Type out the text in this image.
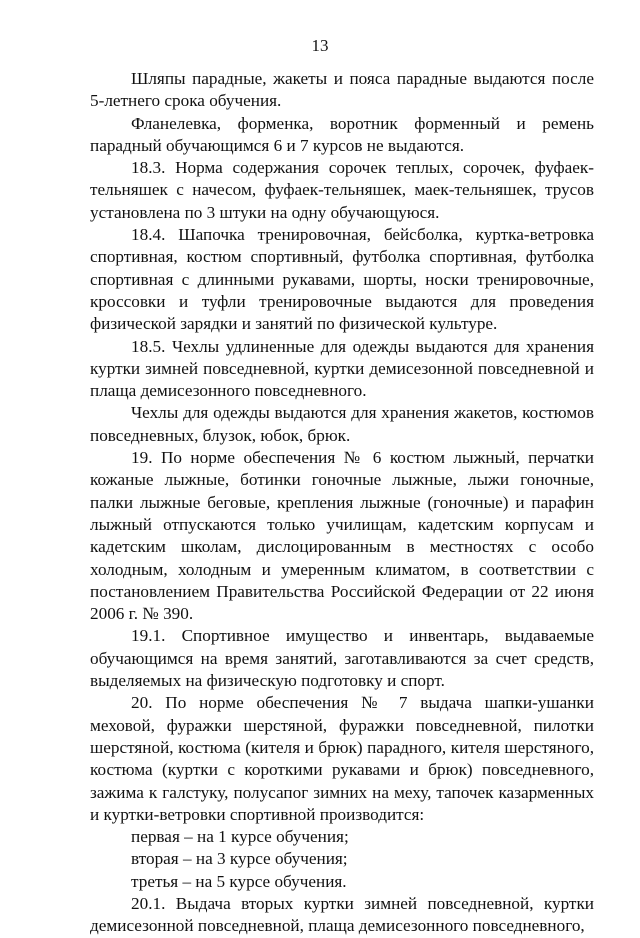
13

Шляпы парадные, жакеты и пояса парадные выдаются после 5-летнего срока обучения.

Фланелевка, форменка, воротник форменный и ремень парадный обучающимся 6 и 7 курсов не выдаются.

18.3. Норма содержания сорочек теплых, сорочек, фуфаек-тельняшек с начесом, фуфаек-тельняшек, маек-тельняшек, трусов установлена по 3 штуки на одну обучающуюся.

18.4. Шапочка тренировочная, бейсболка, куртка-ветровка спортивная, костюм спортивный, футболка спортивная, футболка спортивная с длинными рукавами, шорты, носки тренировочные, кроссовки и туфли тренировочные выдаются для проведения физической зарядки и занятий по физической культуре.

18.5. Чехлы удлиненные для одежды выдаются для хранения куртки зимней повседневной, куртки демисезонной повседневной и плаща демисезонного повседневного.

Чехлы для одежды выдаются для хранения жакетов, костюмов повседневных, блузок, юбок, брюк.

19. По норме обеспечения № 6 костюм лыжный, перчатки кожаные лыжные, ботинки гоночные лыжные, лыжи гоночные, палки лыжные беговые, крепления лыжные (гоночные) и парафин лыжный отпускаются только училищам, кадетским корпусам и кадетским школам, дислоцированным в местностях с особо холодным, холодным и умеренным климатом, в соответствии с постановлением Правительства Российской Федерации от 22 июня 2006 г. № 390.

19.1. Спортивное имущество и инвентарь, выдаваемые обучающимся на время занятий, заготавливаются за счет средств, выделяемых на физическую подготовку и спорт.

20. По норме обеспечения № 7 выдача шапки-ушанки меховой, фуражки шерстяной, фуражки повседневной, пилотки шерстяной, костюма (кителя и брюк) парадного, кителя шерстяного, костюма (куртки с короткими рукавами и брюк) повседневного, зажима к галстуку, полусапог зимних на меху, тапочек казарменных и куртки-ветровки спортивной производится:

первая – на 1 курсе обучения;

вторая – на 3 курсе обучения;

третья – на 5 курсе обучения.

20.1. Выдача вторых куртки зимней повседневной, куртки демисезонной повседневной, плаща демисезонного повседневного,
